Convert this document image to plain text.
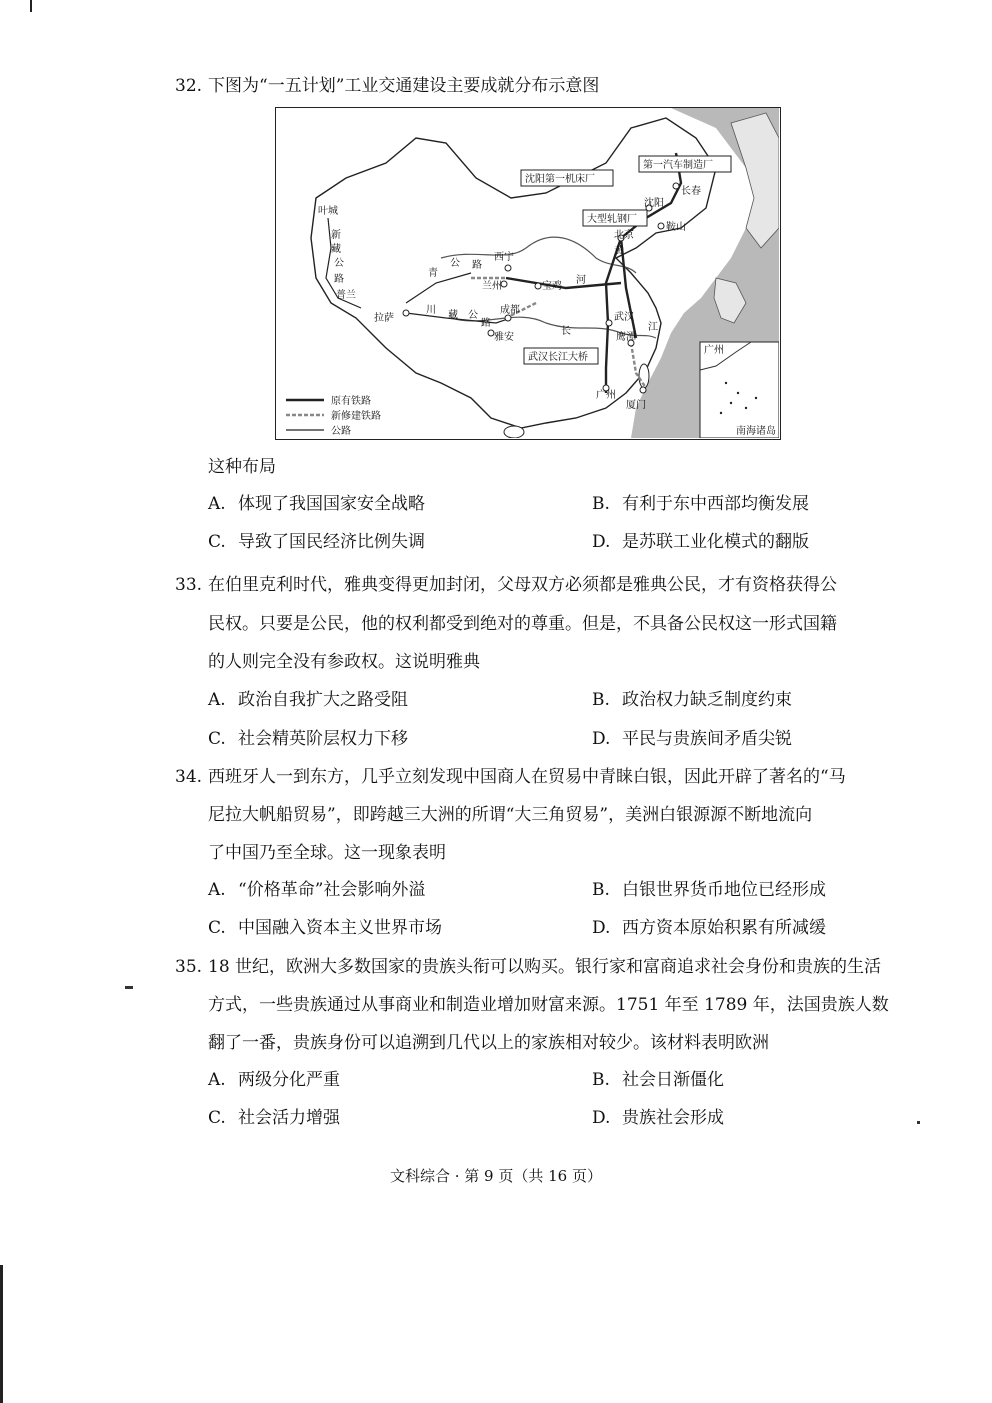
32. 下图为“一五计划”工业交通建设主要成就分布示意图
沈阳第一机床厂
第一汽车制造厂
大型轧钢厂
武汉长江大桥
沈阳
长春
鞍山
北京
西宁
兰州	宝鸡
成都
拉萨
雅安
武汉
鹰潭
广州
厦门
叶城
普兰
黄
河
长	江
新
藏
公
路
青
公 路
川 藏 公
路
广州
南海诸岛
原有铁路
新修建铁路
公路
这种布局
A. 体现了我国国家安全战略	B. 有利于东中西部均衡发展
C. 导致了国民经济比例失调	D. 是苏联工业化模式的翻版
33. 在伯里克利时代，雅典变得更加封闭，父母双方必须都是雅典公民，才有资格获得公
民权。只要是公民，他的权利都受到绝对的尊重。但是，不具备公民权这一形式国籍
的人则完全没有参政权。这说明雅典
A. 政治自我扩大之路受阻	B. 政治权力缺乏制度约束
C. 社会精英阶层权力下移	D. 平民与贵族间矛盾尖锐
34. 西班牙人一到东方，几乎立刻发现中国商人在贸易中青睐白银，因此开辟了著名的“马
尼拉大帆船贸易”，即跨越三大洲的所谓“大三角贸易”，美洲白银源源不断地流向
了中国乃至全球。这一现象表明
A. “价格革命”社会影响外溢	B. 白银世界货币地位已经形成
C. 中国融入资本主义世界市场	D. 西方资本原始积累有所减缓
35. 18 世纪，欧洲大多数国家的贵族头衔可以购买。银行家和富商追求社会身份和贵族的生活
方式，一些贵族通过从事商业和制造业增加财富来源。1751 年至 1789 年，法国贵族人数
翻了一番，贵族身份可以追溯到几代以上的家族相对较少。该材料表明欧洲
A. 两级分化严重	B. 社会日渐僵化
C. 社会活力增强	D. 贵族社会形成
文科综合 · 第 9 页（共 16 页）
